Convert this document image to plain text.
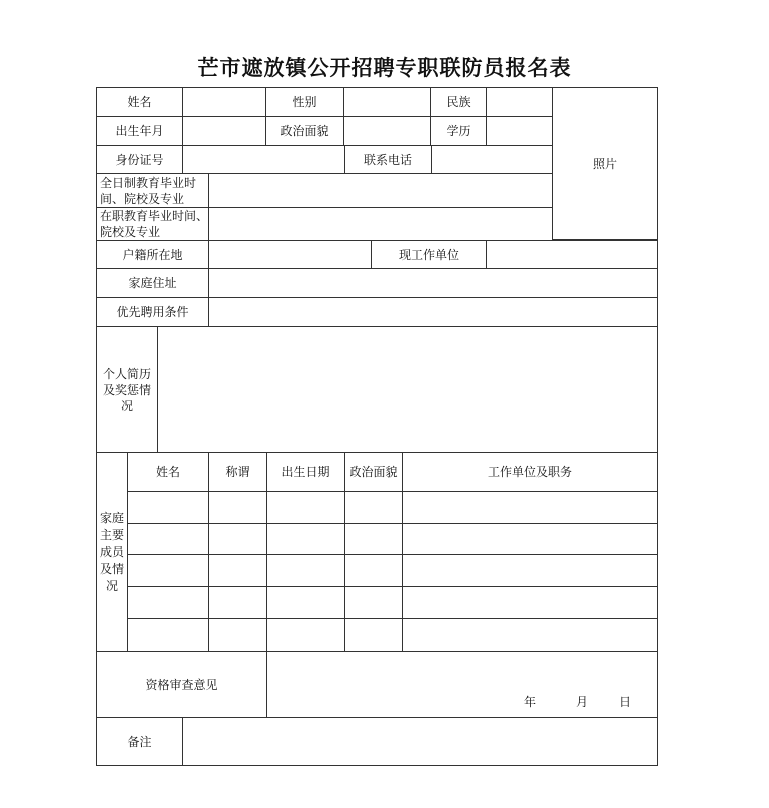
芒市遮放镇公开招聘专职联防员报名表
姓名	性别	民族
照片
出生年月	政治面貌	学历
身份证号	联系电话
全日制教育毕业时间、院校及专业
在职教育毕业时间、院校及专业
户籍所在地	现工作单位
家庭住址
优先聘用条件
个人简历及奖惩情况
家庭主要成员及情况
姓名	称谓	出生日期	政治面貌	工作单位及职务
资格审查意见
年	月	日
备注
